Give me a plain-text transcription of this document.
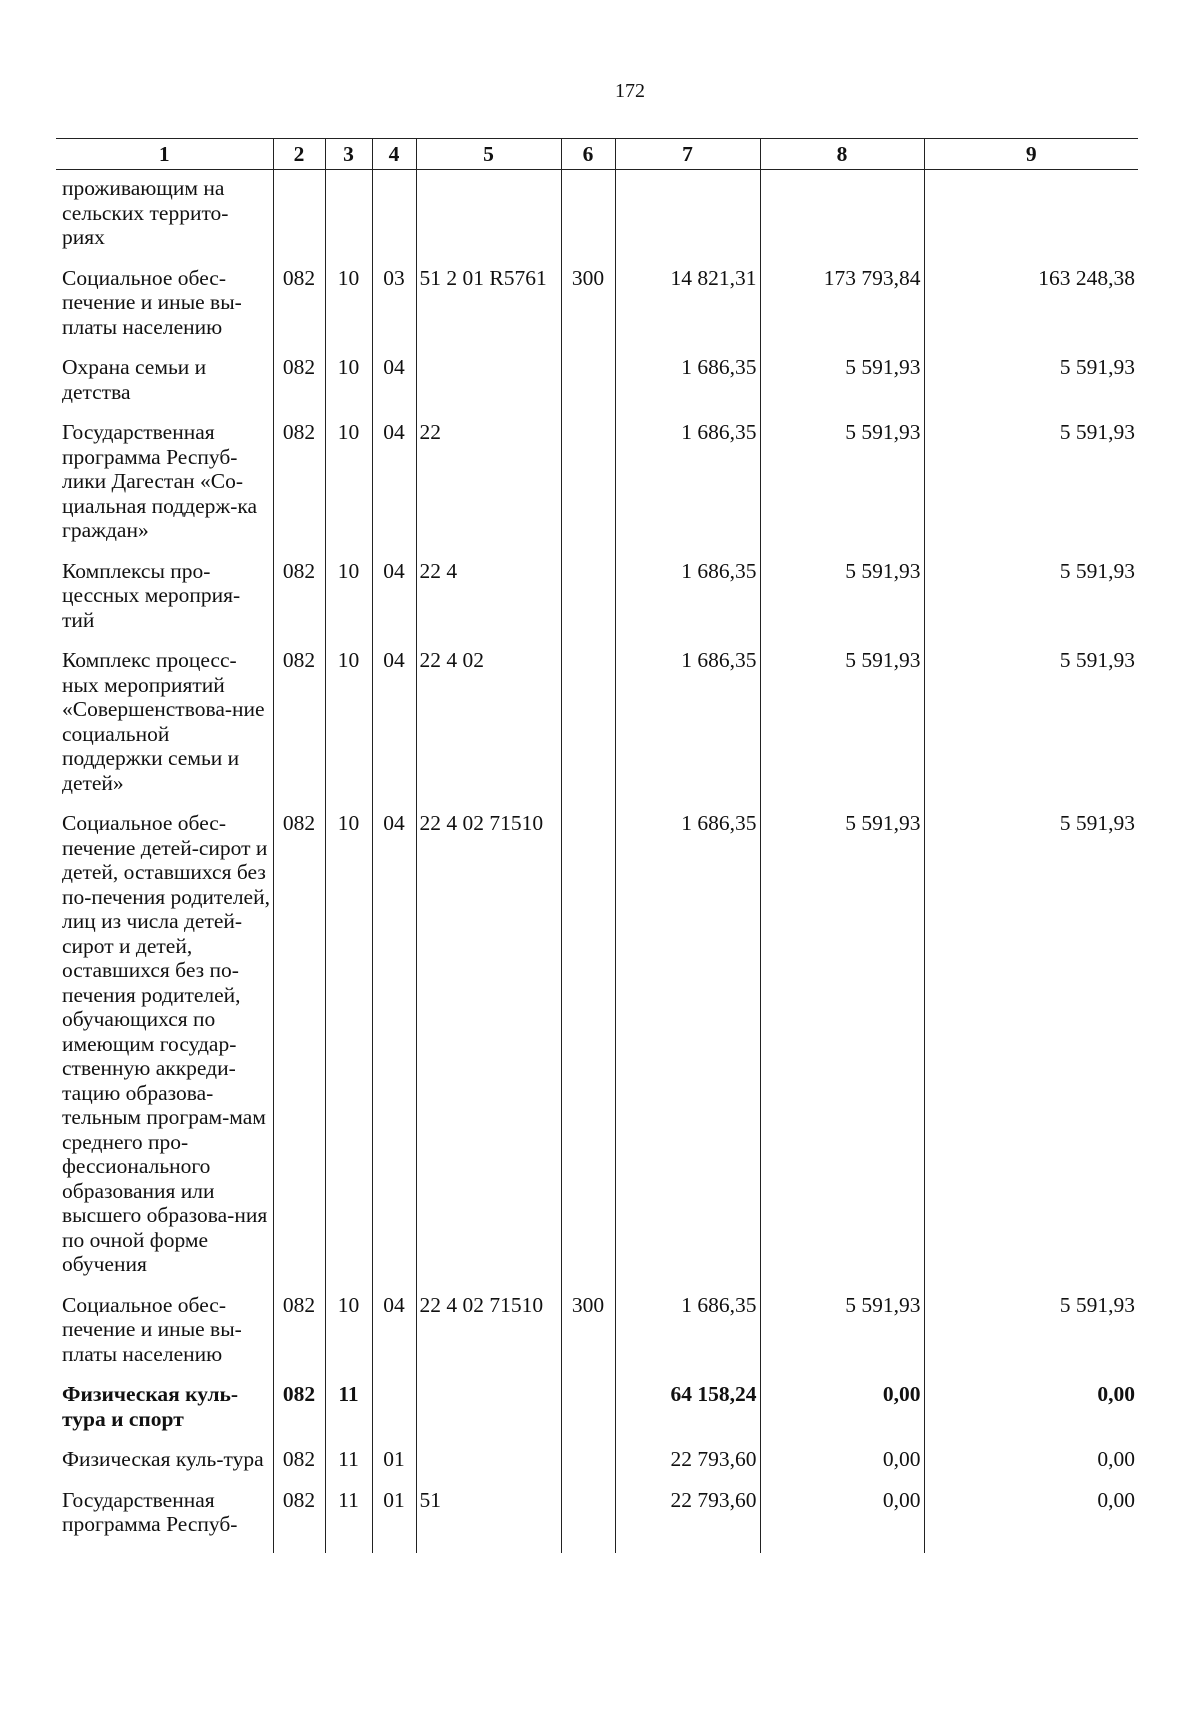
172
1	2	3	4	5	6	7	8	9
проживающим на сельских террито-риях								
Социальное обес-печение и иные вы-платы населению	082	10	03	51 2 01 R5761	300	14 821,31	173 793,84	163 248,38
Охрана семьи и детства	082	10	04			1 686,35	5 591,93	5 591,93
Государственная программа Респуб-лики Дагестан «Со-циальная поддерж-ка граждан»	082	10	04	22		1 686,35	5 591,93	5 591,93
Комплексы про-цессных мероприя-тий	082	10	04	22 4		1 686,35	5 591,93	5 591,93
Комплекс процесс-ных мероприятий «Совершенствова-ние социальной поддержки семьи и детей»	082	10	04	22 4 02		1 686,35	5 591,93	5 591,93
Социальное обес-печение детей-сирот и детей, оставшихся без по-печения родителей, лиц из числа детей-сирот и детей, оставшихся без по-печения родителей, обучающихся по имеющим государ-ственную аккреди-тацию образова-тельным програм-мам среднего про-фессионального образования или высшего образова-ния по очной форме обучения	082	10	04	22 4 02 71510		1 686,35	5 591,93	5 591,93
Социальное обес-печение и иные вы-платы населению	082	10	04	22 4 02 71510	300	1 686,35	5 591,93	5 591,93
Физическая куль-тура и спорт	082	11				64 158,24	0,00	0,00
Физическая куль-тура	082	11	01			22 793,60	0,00	0,00
Государственная программа Респуб-	082	11	01	51		22 793,60	0,00	0,00
